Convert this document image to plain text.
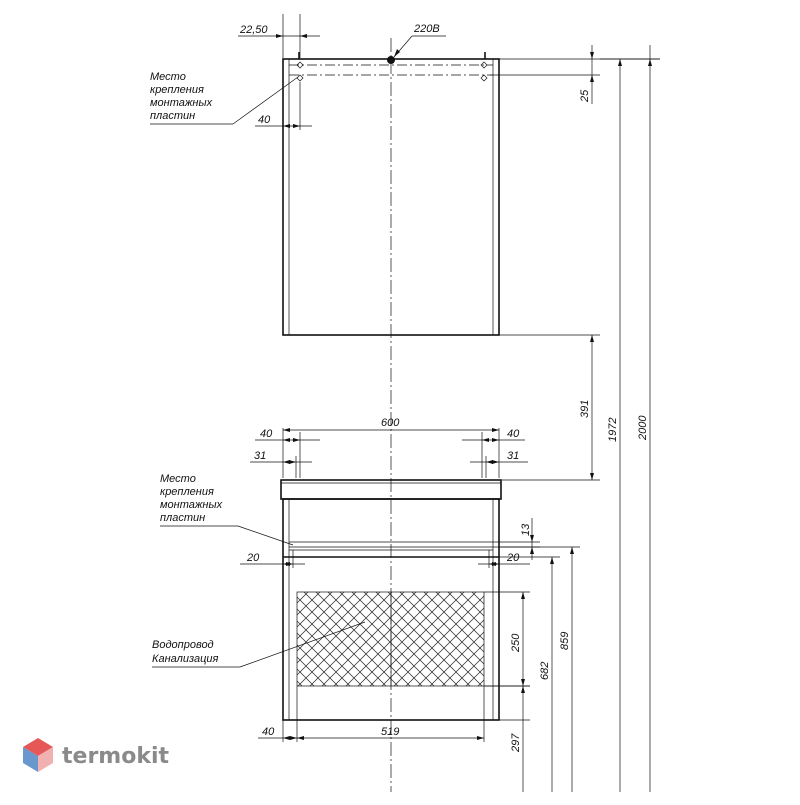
22,50	220В
Место
крепления
монтажных
пластин	40
25
391
1972 2000
600
40	40
31	31
Место
крепления
монтажных
пластин
13
20	20
250	859
682
297
Водопровод
Канализация
40	519
termokit
